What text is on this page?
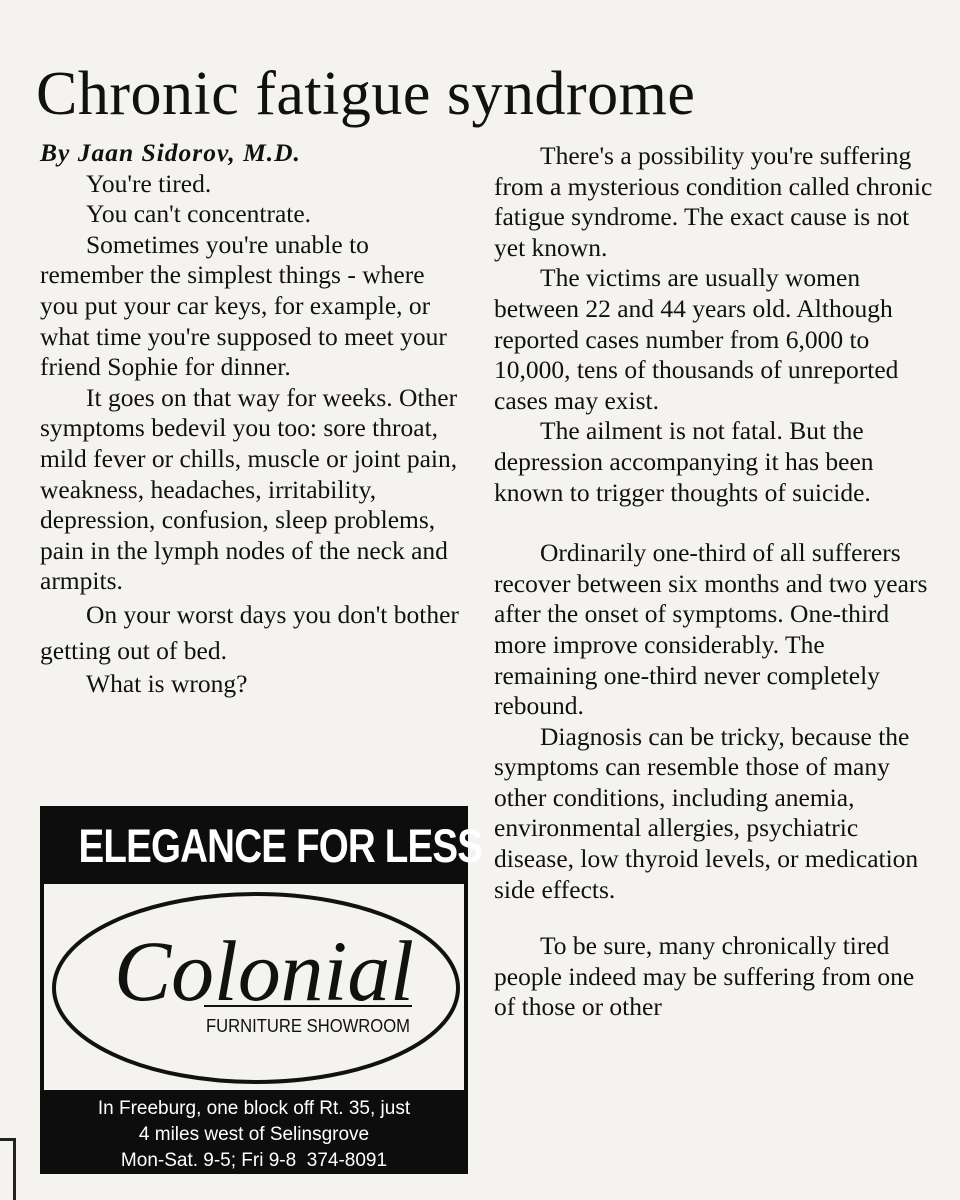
Chronic fatigue syndrome

By Jaan Sidorov, M.D.

You're tired.

You can't concentrate.

Sometimes you're unable to remember the simplest things - where you put your car keys, for example, or what time you're supposed to meet your friend Sophie for dinner.

It goes on that way for weeks. Other symptoms bedevil you too: sore throat, mild fever or chills, muscle or joint pain, weakness, headaches, irritability, depression, confusion, sleep problems, pain in the lymph nodes of the neck and armpits.

On your worst days you don't bother getting out of bed.

What is wrong?

There's a possibility you're suffering from a mysterious condition called chronic fatigue syndrome. The exact cause is not yet known.

The victims are usually women between 22 and 44 years old. Although reported cases number from 6,000 to 10,000, tens of thousands of unreported cases may exist.

The ailment is not fatal. But the depression accompanying it has been known to trigger thoughts of suicide.

Ordinarily one-third of all sufferers recover between six months and two years after the onset of symptoms. One-third more improve considerably. The remaining one-third never completely rebound.

Diagnosis can be tricky, because the symptoms can resemble those of many other conditions, including anemia, environmental allergies, psychiatric disease, low thyroid levels, or medication side effects.

To be sure, many chronically tired people indeed may be suffering from one of those or other

ELEGANCE FOR LESS
Colonial
FURNITURE SHOWROOM
In Freeburg, one block off Rt. 35, just
4 miles west of Selinsgrove
Mon-Sat. 9-5; Fri 9-8  374-8091
